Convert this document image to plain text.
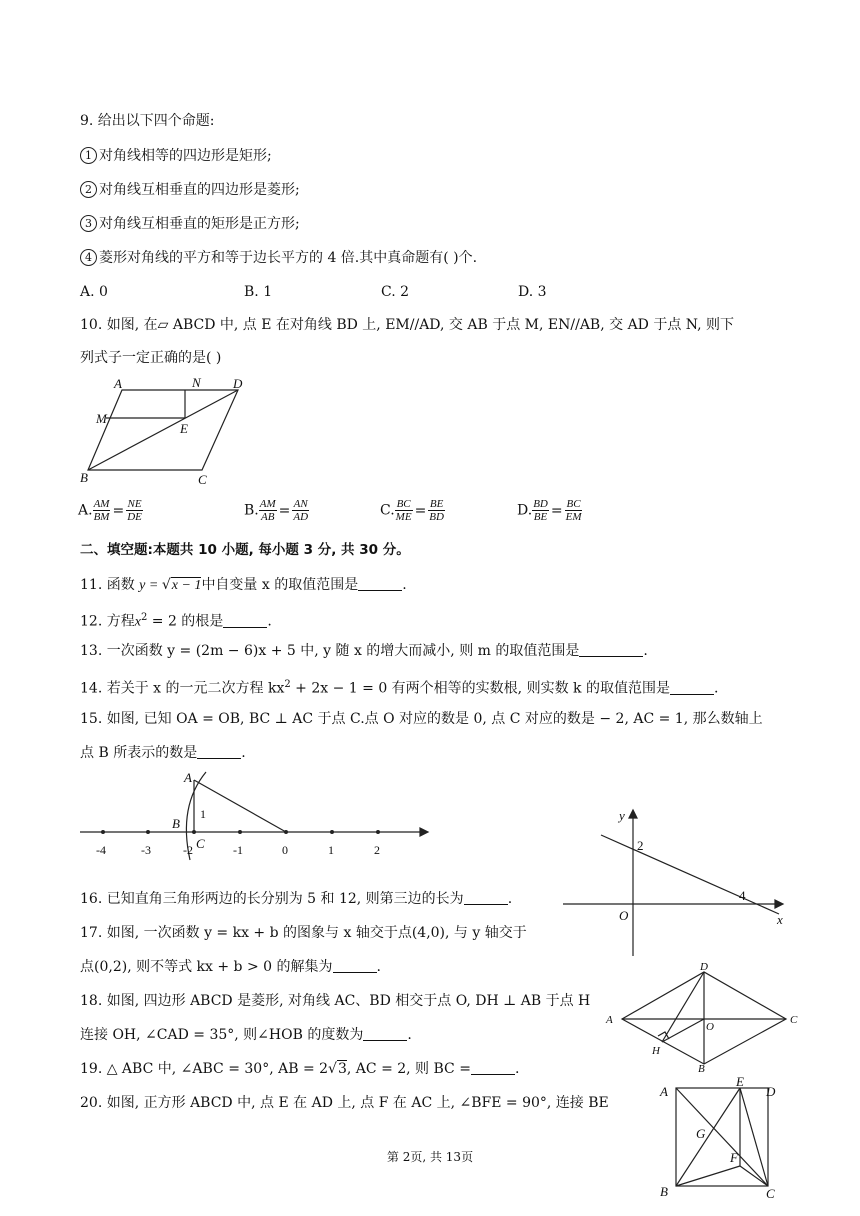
9. 给出以下四个命题:
1 对角线相等的四边形是矩形;
2 对角线互相垂直的四边形是菱形;
3 对角线互相垂直的矩形是正方形;
4 菱形对角线的平方和等于边长平方的 4 倍.其中真命题有( )个.
A. 0	B. 1	C. 2	D. 3
10. 如图, 在▱ ABCD 中, 点 E 在对角线 BD 上, EM//AD, 交 AB 于点 M, EN//AB, 交 AD 于点 N, 则下
列式子一定正确的是( )
A	N D
M
E
B	C
A. $\frac{AM}{BM} = \frac{NE}{DE}$	B. $\frac{AM}{AB} = \frac{AN}{AD}$	C. $\frac{BC}{ME} = \frac{BE}{BD}$	D. $\frac{BD}{BE} = \frac{BC}{EM}$
二、填空题:本题共 10 小题, 每小题 3 分, 共 30 分。
11. 函数 y = √x − 1中自变量 x 的取值范围是	.
12. 方程$x^2 = 2$ 的根是	.
13. 一次函数 y = (2m − 6)x + 5 中, y 随 x 的增大而减小, 则 m 的取值范围是	.
14. 若关于 x 的一元二次方程 $kx^2 + 2x - 1 = 0$ 有两个相等的实数根, 则实数 k 的取值范围是	.
15. 如图, 已知 OA = OB, BC ⊥ AC 于点 C.点 O 对应的数是 0, 点 C 对应的数是 − 2, AC = 1, 那么数轴上
点 B 所表示的数是	.
-4	-3	-2	-1	0	1	2
1
A
B
C
y
x
O
2
4
16. 已知直角三角形两边的长分别为 5 和 12, 则第三边的长为	.
17. 如图, 一次函数 y = kx + b 的图象与 x 轴交于点(4,0), 与 y 轴交于
点(0,2), 则不等式 kx + b > 0 的解集为	.
A
D
C
B
O
H
18. 如图, 四边形 ABCD 是菱形, 对角线 AC、BD 相交于点 O, DH ⊥ AB 于点 H
连接 OH, ∠CAD = 35°, 则∠HOB 的度数为	.
19. △ ABC 中, ∠ABC = 30°, AB = 2√3, AC = 2, 则 BC =	.
20. 如图, 正方形 ABCD 中, 点 E 在 AD 上, 点 F 在 AC 上, ∠BFE = 90°, 连接 BE
A
E
D
G
F
B	C
第 2页, 共 13页
